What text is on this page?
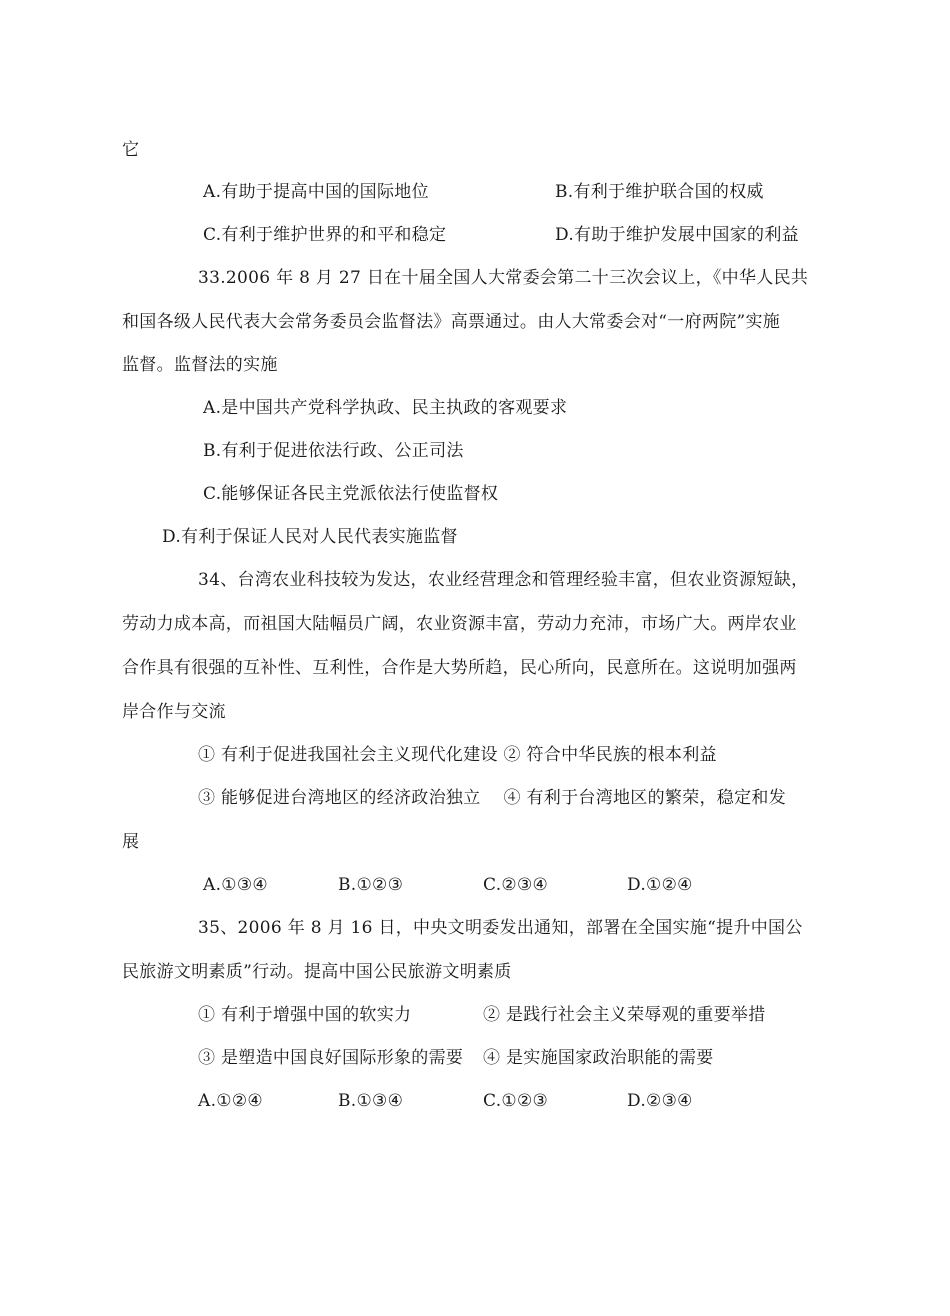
它
A.有助于提高中国的国际地位	B.有利于维护联合国的权威
C.有利于维护世界的和平和稳定	D.有助于维护发展中国家的利益
33.2006 年 8 月 27 日在十届全国人大常委会第二十三次会议上，《中华人民共
和国各级人民代表大会常务委员会监督法》高票通过。由人大常委会对“一府两院”实施
监督。监督法的实施
A.是中国共产党科学执政、民主执政的客观要求
B.有利于促进依法行政、公正司法
C.能够保证各民主党派依法行使监督权
D.有利于保证人民对人民代表实施监督
34、台湾农业科技较为发达，农业经营理念和管理经验丰富，但农业资源短缺，
劳动力成本高，而祖国大陆幅员广阔，农业资源丰富，劳动力充沛，市场广大。两岸农业
合作具有很强的互补性、互利性，合作是大势所趋，民心所向，民意所在。这说明加强两
岸合作与交流
① 有利于促进我国社会主义现代化建设 ② 符合中华民族的根本利益
③ 能够促进台湾地区的经济政治独立　 ④ 有利于台湾地区的繁荣，稳定和发
展
A.①③④	B.①②③	C.②③④	D.①②④
35、2006 年 8 月 16 日，中央文明委发出通知，部署在全国实施“提升中国公
民旅游文明素质”行动。提高中国公民旅游文明素质
① 有利于增强中国的软实力	② 是践行社会主义荣辱观的重要举措
③ 是塑造中国良好国际形象的需要 ④ 是实施国家政治职能的需要
A.①②④	B.①③④	C.①②③	D.②③④
